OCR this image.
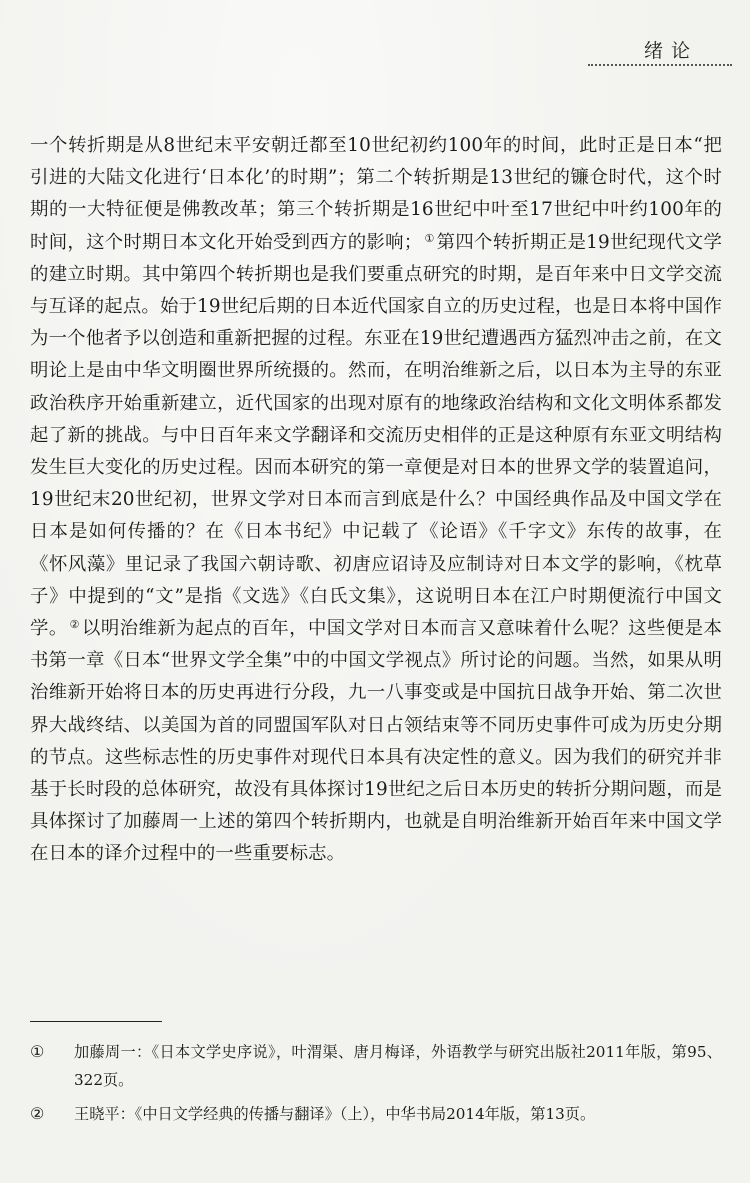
绪论

一个转折期是从8世纪末平安朝迁都至10世纪初约100年的时间，此时正是日本“把引进的大陆文化进行‘日本化’的时期”；第二个转折期是13世纪的镰仓时代，这个时期的一大特征便是佛教改革；第三个转折期是16世纪中叶至17世纪中叶约100年的时间，这个时期日本文化开始受到西方的影响； ① 第四个转折期正是19世纪现代文学的建立时期。其中第四个转折期也是我们要重点研究的时期，是百年来中日文学交流与互译的起点。始于19世纪后期的日本近代国家自立的历史过程，也是日本将中国作为一个他者予以创造和重新把握的过程。东亚在19世纪遭遇西方猛烈冲击之前，在文明论上是由中华文明圈世界所统摄的。然而，在明治维新之后，以日本为主导的东亚政治秩序开始重新建立，近代国家的出现对原有的地缘政治结构和文化文明体系都发起了新的挑战。与中日百年来文学翻译和交流历史相伴的正是这种原有东亚文明结构发生巨大变化的历史过程。因而本研究的第一章便是对日本的世界文学的装置追问，19世纪末20世纪初，世界文学对日本而言到底是什么？中国经典作品及中国文学在日本是如何传播的？在《日本书纪》中记载了《论语》《千字文》东传的故事，在《怀风藻》里记录了我国六朝诗歌、初唐应诏诗及应制诗对日本文学的影响，《枕草子》中提到的“文”是指《文选》《白氏文集》，这说明日本在江户时期便流行中国文学。 ② 以明治维新为起点的百年，中国文学对日本而言又意味着什么呢？这些便是本书第一章《日本“世界文学全集”中的中国文学视点》所讨论的问题。当然，如果从明治维新开始将日本的历史再进行分段，九一八事变或是中国抗日战争开始、第二次世界大战终结、以美国为首的同盟国军队对日占领结束等不同历史事件可成为历史分期的节点。这些标志性的历史事件对现代日本具有决定性的意义。因为我们的研究并非基于长时段的总体研究，故没有具体探讨19世纪之后日本历史的转折分期问题，而是具体探讨了加藤周一上述的第四个转折期内，也就是自明治维新开始百年来中国文学在日本的译介过程中的一些重要标志。

① 加藤周一：《日本文学史序说》，叶渭渠、唐月梅译，外语教学与研究出版社2011年版，第95、322页。
② 王晓平：《中日文学经典的传播与翻译》（上），中华书局2014年版，第13页。
